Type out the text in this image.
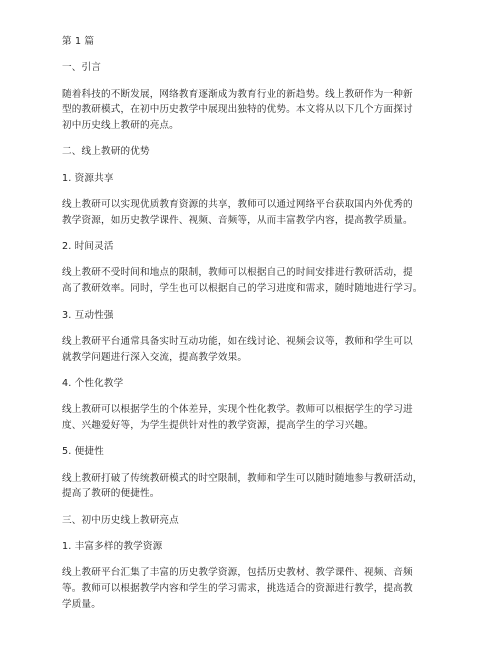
第 1 篇
一、引言
随着科技的不断发展，网络教育逐渐成为教育行业的新趋势。线上教研作为一种新
型的教研模式，在初中历史教学中展现出独特的优势。本文将从以下几个方面探讨
初中历史线上教研的亮点。
二、线上教研的优势
1. 资源共享
线上教研可以实现优质教育资源的共享，教师可以通过网络平台获取国内外优秀的
教学资源，如历史教学课件、视频、音频等，从而丰富教学内容，提高教学质量。
2. 时间灵活
线上教研不受时间和地点的限制，教师可以根据自己的时间安排进行教研活动，提
高了教研效率。同时，学生也可以根据自己的学习进度和需求，随时随地进行学习。
3. 互动性强
线上教研平台通常具备实时互动功能，如在线讨论、视频会议等，教师和学生可以
就教学问题进行深入交流，提高教学效果。
4. 个性化教学
线上教研可以根据学生的个体差异，实现个性化教学。教师可以根据学生的学习进
度、兴趣爱好等，为学生提供针对性的教学资源，提高学生的学习兴趣。
5. 便捷性
线上教研打破了传统教研模式的时空限制，教师和学生可以随时随地参与教研活动，
提高了教研的便捷性。
三、初中历史线上教研亮点
1. 丰富多样的教学资源
线上教研平台汇集了丰富的历史教学资源，包括历史教材、教学课件、视频、音频
等。教师可以根据教学内容和学生的学习需求，挑选适合的资源进行教学，提高教
学质量。
